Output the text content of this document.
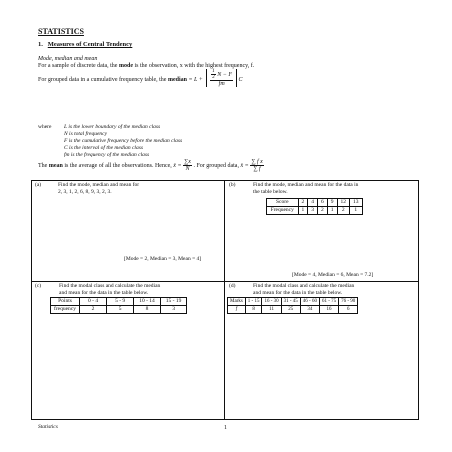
STATISTICS
1. Measures of Central Tendency
Mode, median and mean
For a sample of discrete data, the mode is the observation, x with the highest frequency, f.
For grouped data in a cumulative frequency table, the median = $L + \frac{\frac{1}{2} N - F}{fm}$ C
where L is the lower boundary of the median class
N is total frequency
F is the cumulative frequency before the median class
C is the interval of the median class
fm is the frequency of the median class
The mean is the average of all the observations. Hence, x̄ = $\frac{\sum x}{N}$ . For grouped data, x̄ = $\frac{\text{∑ f x}}{\sum f}$
(a)	Find the mode, median and mean for
2, 3, 1, 2, 6, 8, 9, 3, 2, 3.
[Mode = 2, Median = 3, Mean = 4]
(b)	Find the mode, median and mean for the data in
the table below.
Score	2	4	6	9	12	13
Frequency	1	3	2	1	2	1
[Mode = 4, Median = 6, Mean = 7.2]
(c)	Find the modal class and calculate the median
and mean for the data in the table below.
Points	0 - 4	5 - 9	10 - 14	15 - 19
frequency	2	5	8	3
(d)	Find the modal class and calculate the median
and mean for the data in the table below.
Marks	1 - 15	16 - 30	31 - 45	46 - 60	61 - 75	76 - 90
f	8	11	25	34	16	6
Statistics	1
